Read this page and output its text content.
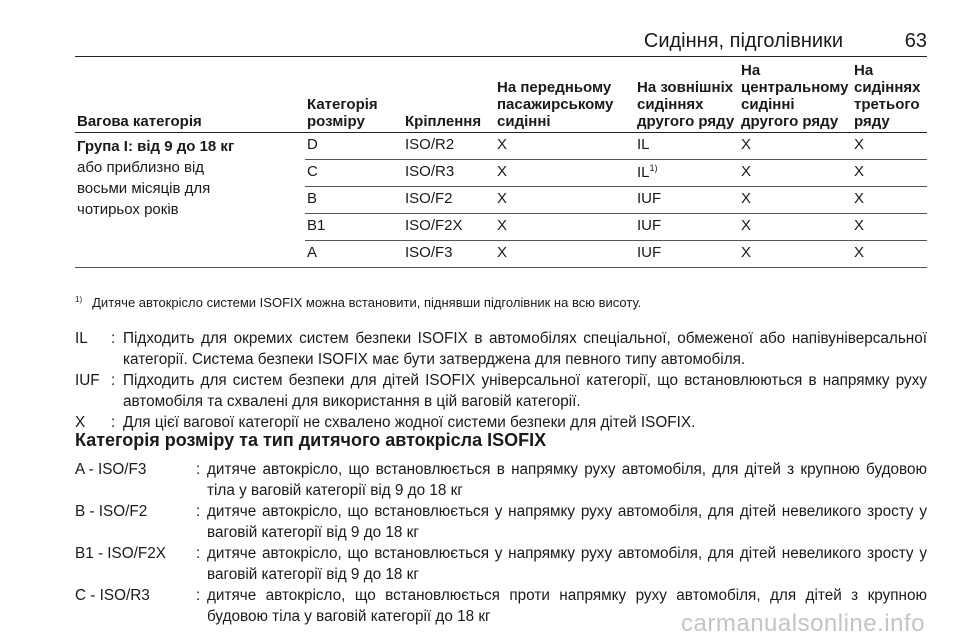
Сидіння, підголівники	63
Вагова категорія	Категорія розміру	Кріплення	На передньому пасажирському сидінні	На зовнішніх сидіннях другого ряду	На центральному сидінні другого ряду	На сидіннях третього ряду

Група I: від 9 до 18 кг
або приблизно від восьми місяців для чотирьох років	D	ISO/R2	X	IL	X	X
	C	ISO/R3	X	IL$^{1)}$	X	X
	B	ISO/F2	X	IUF	X	X
	B1	ISO/F2X	X	IUF	X	X
	A	ISO/F3	X	IUF	X	X
$^{1)}$ Дитяче автокрісло системи ISOFIX можна встановити, піднявши підголівник на всю висоту.
IL : Підходить для окремих систем безпеки ISOFIX в автомобілях спеціальної, обмеженої або напівуніверсальної категорії. Система безпеки ISOFIX має бути затверджена для певного типу автомобіля.
IUF : Підходить для систем безпеки для дітей ISOFIX універсальної категорії, що встановлюються в напрямку руху автомобіля та схвалені для використання в цій ваговій категорії.
X : Для цієї вагової категорії не схвалено жодної системи безпеки для дітей ISOFIX.
Категорія розміру та тип дитячого автокрісла ISOFIX
A - ISO/F3	: дитяче автокрісло, що встановлюється в напрямку руху автомобіля, для дітей з крупною будовою тіла у ваговій категорії від 9 до 18 кг
B - ISO/F2	: дитяче автокрісло, що встановлюється у напрямку руху автомобіля, для дітей невеликого зросту у ваговій категорії від 9 до 18 кг
B1 - ISO/F2X : дитяче автокрісло, що встановлюється у напрямку руху автомобіля, для дітей невеликого зросту у ваговій категорії від 9 до 18 кг
C - ISO/R3	: дитяче автокрісло, що встановлюється проти напрямку руху автомобіля, для дітей з крупною будовою тіла у ваговій категорії до 18 кг	carmanualsonline.info
